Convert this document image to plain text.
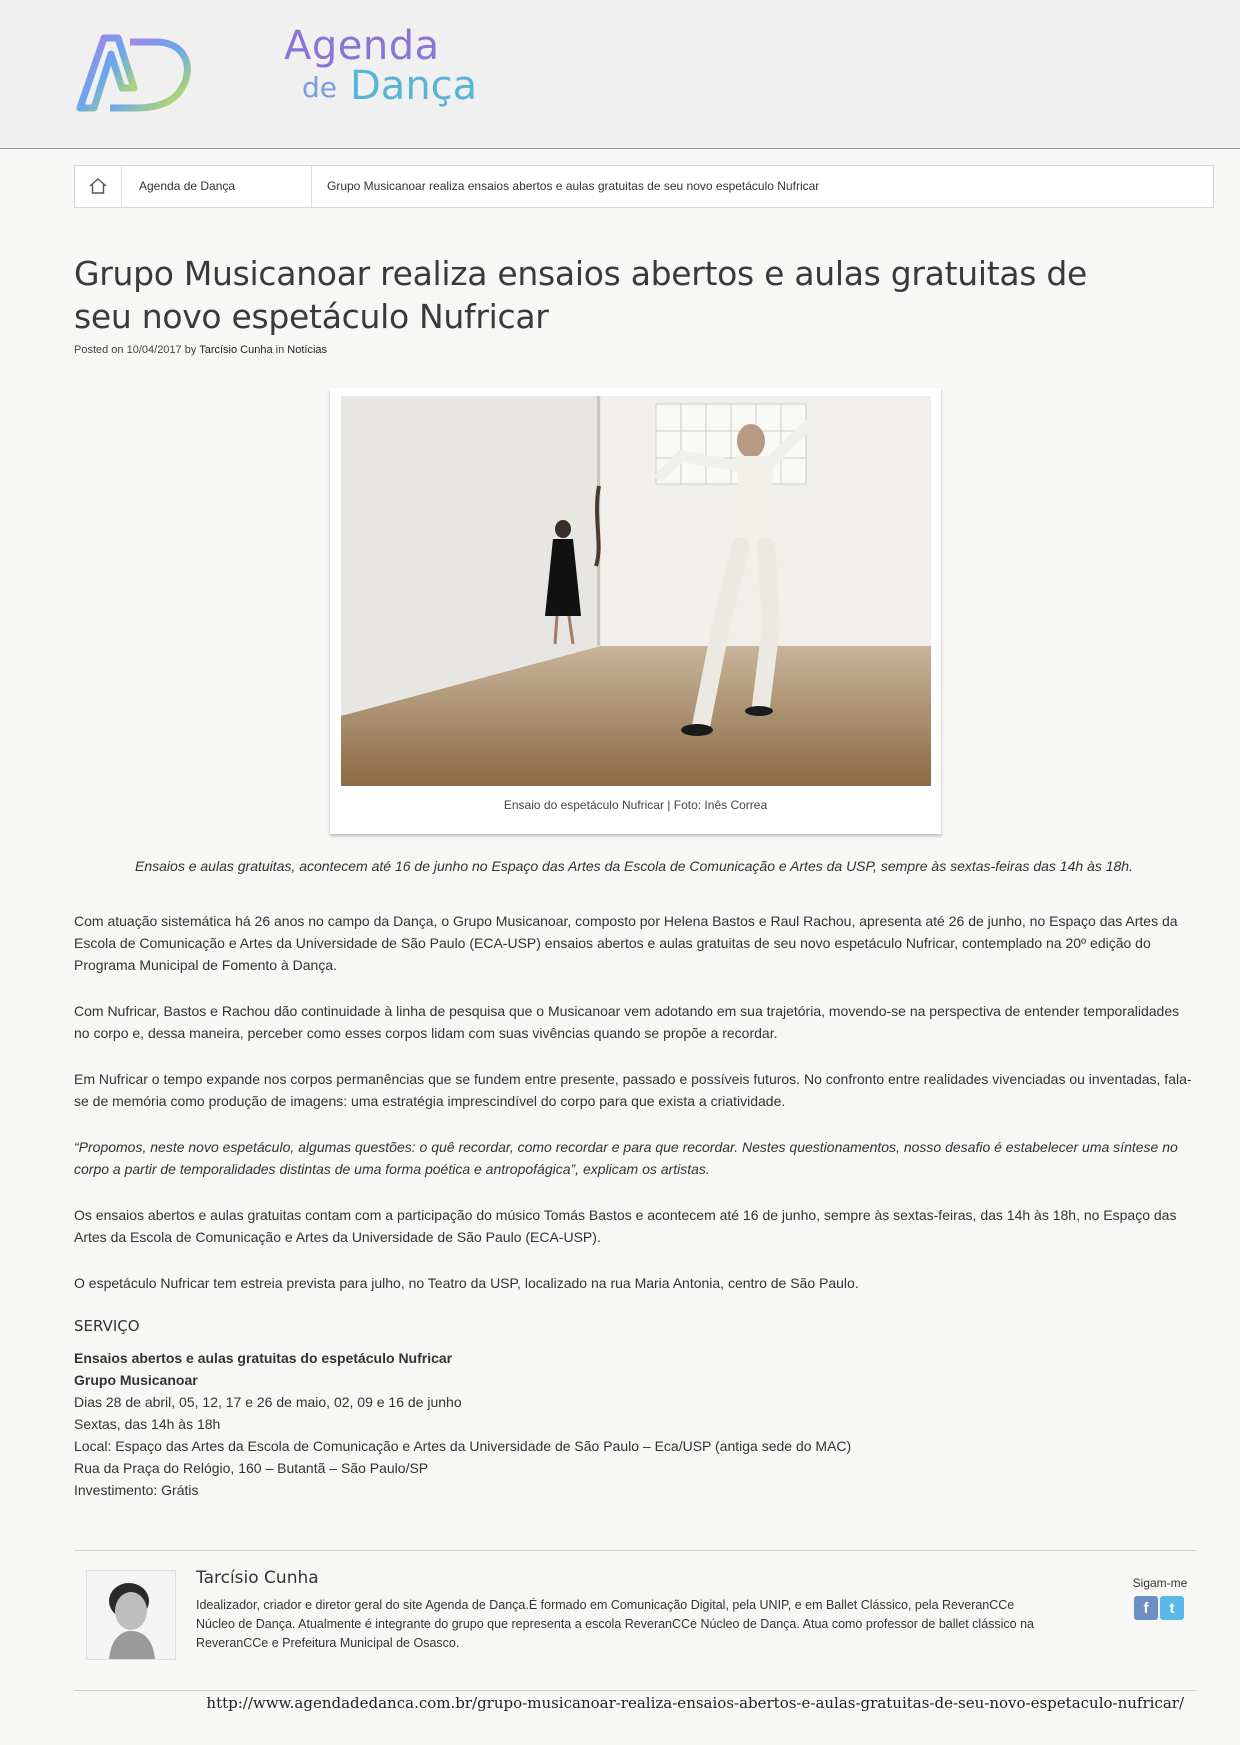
Agenda
de Dança
Agenda de Dança	Grupo Musicanoar realiza ensaios abertos e aulas gratuitas de seu novo espetáculo Nufricar
Grupo Musicanoar realiza ensaios abertos e aulas gratuitas de seu novo espetáculo Nufricar
Posted on 10/04/2017 by Tarcísio Cunha in Notícias
Ensaio do espetáculo Nufricar | Foto: Inês Correa
Ensaios e aulas gratuitas, acontecem até 16 de junho no Espaço das Artes da Escola de Comunicação e Artes da USP, sempre às sextas-feiras das 14h às 18h.

Com atuação sistemática há 26 anos no campo da Dança, o Grupo Musicanoar, composto por Helena Bastos e Raul Rachou, apresenta até 26 de junho, no Espaço das Artes da Escola de Comunicação e Artes da Universidade de São Paulo (ECA-USP) ensaios abertos e aulas gratuitas de seu novo espetáculo Nufricar, contemplado na 20º edição do Programa Municipal de Fomento à Dança.

Com Nufricar, Bastos e Rachou dão continuidade à linha de pesquisa que o Musicanoar vem adotando em sua trajetória, movendo-se na perspectiva de entender temporalidades no corpo e, dessa maneira, perceber como esses corpos lidam com suas vivências quando se propõe a recordar.

Em Nufricar o tempo expande nos corpos permanências que se fundem entre presente, passado e possíveis futuros. No confronto entre realidades vivenciadas ou inventadas, fala-se de memória como produção de imagens: uma estratégia imprescindível do corpo para que exista a criatividade.

“Propomos, neste novo espetáculo, algumas questões: o quê recordar, como recordar e para que recordar. Nestes questionamentos, nosso desafio é estabelecer uma síntese no corpo a partir de temporalidades distintas de uma forma poética e antropofágica”, explicam os artistas.

Os ensaios abertos e aulas gratuitas contam com a participação do músico Tomás Bastos e acontecem até 16 de junho, sempre às sextas-feiras, das 14h às 18h, no Espaço das Artes da Escola de Comunicação e Artes da Universidade de São Paulo (ECA-USP).

O espetáculo Nufricar tem estreia prevista para julho, no Teatro da USP, localizado na rua Maria Antonia, centro de São Paulo.

SERVIÇO
Ensaios abertos e aulas gratuitas do espetáculo Nufricar
Grupo Musicanoar
Dias 28 de abril, 05, 12, 17 e 26 de maio, 02, 09 e 16 de junho
Sextas, das 14h às 18h
Local: Espaço das Artes da Escola de Comunicação e Artes da Universidade de São Paulo – Eca/USP (antiga sede do MAC)
Rua da Praça do Relógio, 160 – Butantã – São Paulo/SP
Investimento: Grátis
Tarcísio Cunha
Idealizador, criador e diretor geral do site Agenda de Dança.É formado em Comunicação Digital, pela UNIP, e em Ballet Clássico, pela ReveranCCe Núcleo de Dança. Atualmente é integrante do grupo que representa a escola ReveranCCe Núcleo de Dança. Atua como professor de ballet clássico na ReveranCCe e Prefeitura Municipal de Osasco.
Sigam-me
f	t
http://www.agendadedanca.com.br/grupo-musicanoar-realiza-ensaios-abertos-e-aulas-gratuitas-de-seu-novo-espetaculo-nufricar/
